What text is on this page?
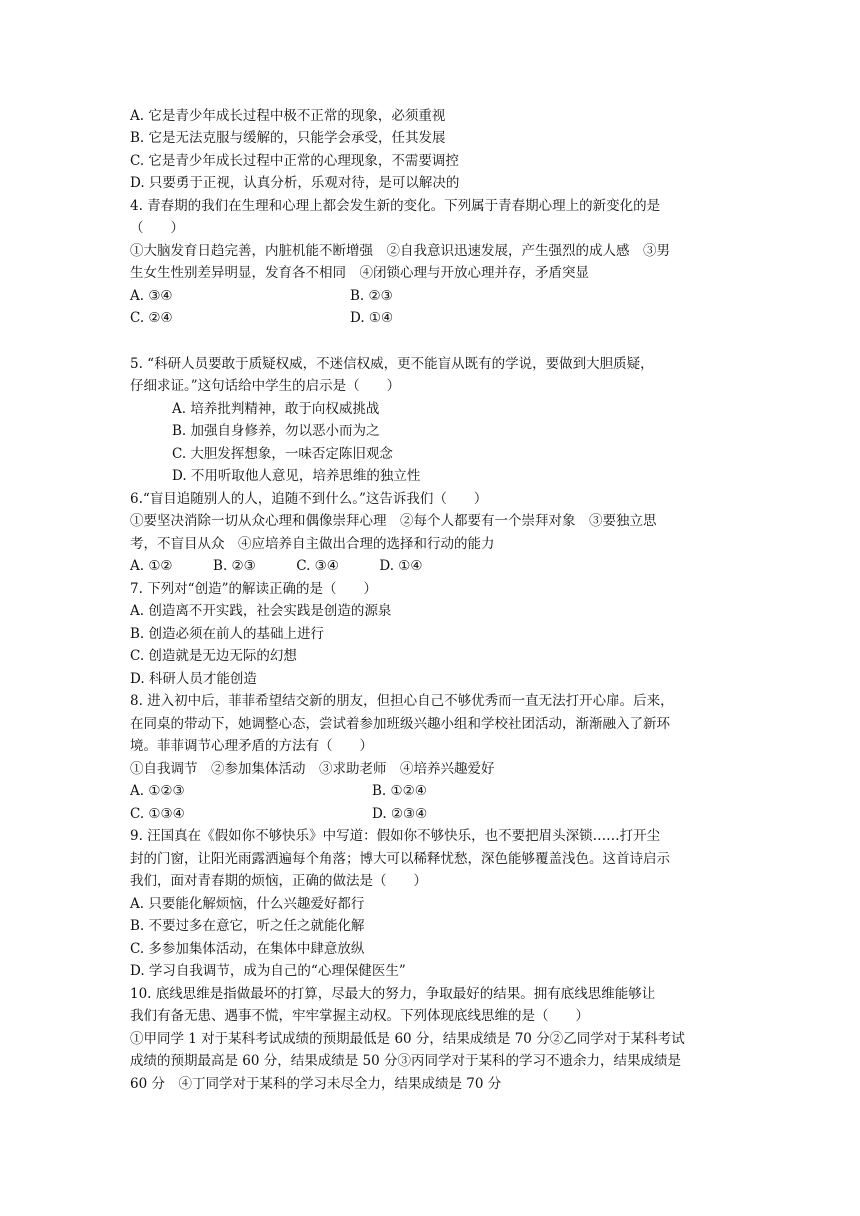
A. 它是青少年成长过程中极不正常的现象，必须重视
B. 它是无法克服与缓解的，只能学会承受，任其发展
C. 它是青少年成长过程中正常的心理现象，不需要调控
D. 只要勇于正视，认真分析，乐观对待，是可以解决的
4. 青春期的我们在生理和心理上都会发生新的变化。下列属于青春期心理上的新变化的是
（　　）
①大脑发育日趋完善，内脏机能不断增强　②自我意识迅速发展，产生强烈的成人感　③男
生女生性别差异明显，发育各不相同　④闭锁心理与开放心理并存，矛盾突显
A. ③④	B. ②③
C. ②④	D. ①④
5. “科研人员要敢于质疑权威，不迷信权威，更不能盲从既有的学说，要做到大胆质疑，
仔细求证。”这句话给中学生的启示是（　　）
A. 培养批判精神，敢于向权威挑战
B. 加强自身修养，勿以恶小而为之
C. 大胆发挥想象，一味否定陈旧观念
D. 不用听取他人意见，培养思维的独立性
6.“盲目追随别人的人，追随不到什么。”这告诉我们（　　）
①要坚决消除一切从众心理和偶像崇拜心理　②每个人都要有一个崇拜对象　③要独立思
考，不盲目从众　④应培养自主做出合理的选择和行动的能力
A. ①②　　　B. ②③　　　C. ③④　　　D. ①④
7. 下列对“创造”的解读正确的是（　　）
A. 创造离不开实践，社会实践是创造的源泉
B. 创造必须在前人的基础上进行
C. 创造就是无边无际的幻想
D. 科研人员才能创造
8. 进入初中后，菲菲希望结交新的朋友，但担心自己不够优秀而一直无法打开心扉。后来，
在同桌的带动下，她调整心态，尝试着参加班级兴趣小组和学校社团活动，渐渐融入了新环
境。菲菲调节心理矛盾的方法有（　　）
①自我调节　②参加集体活动　③求助老师　④培养兴趣爱好
A. ①②③	B. ①②④
C. ①③④	D. ②③④
9. 汪国真在《假如你不够快乐》中写道：假如你不够快乐，也不要把眉头深锁……打开尘
封的门窗，让阳光雨露洒遍每个角落；博大可以稀释忧愁，深色能够覆盖浅色。这首诗启示
我们，面对青春期的烦恼，正确的做法是（　　）
A. 只要能化解烦恼，什么兴趣爱好都行
B. 不要过多在意它，听之任之就能化解
C. 多参加集体活动，在集体中肆意放纵
D. 学习自我调节，成为自己的“心理保健医生”
10. 底线思维是指做最坏的打算，尽最大的努力，争取最好的结果。拥有底线思维能够让
我们有备无患、遇事不慌，牢牢掌握主动权。下列体现底线思维的是（　　）
①甲同学 1 对于某科考试成绩的预期最低是 60 分，结果成绩是 70 分②乙同学对于某科考试
成绩的预期最高是 60 分，结果成绩是 50 分③丙同学对于某科的学习不遗余力，结果成绩是
60 分　④丁同学对于某科的学习未尽全力，结果成绩是 70 分
